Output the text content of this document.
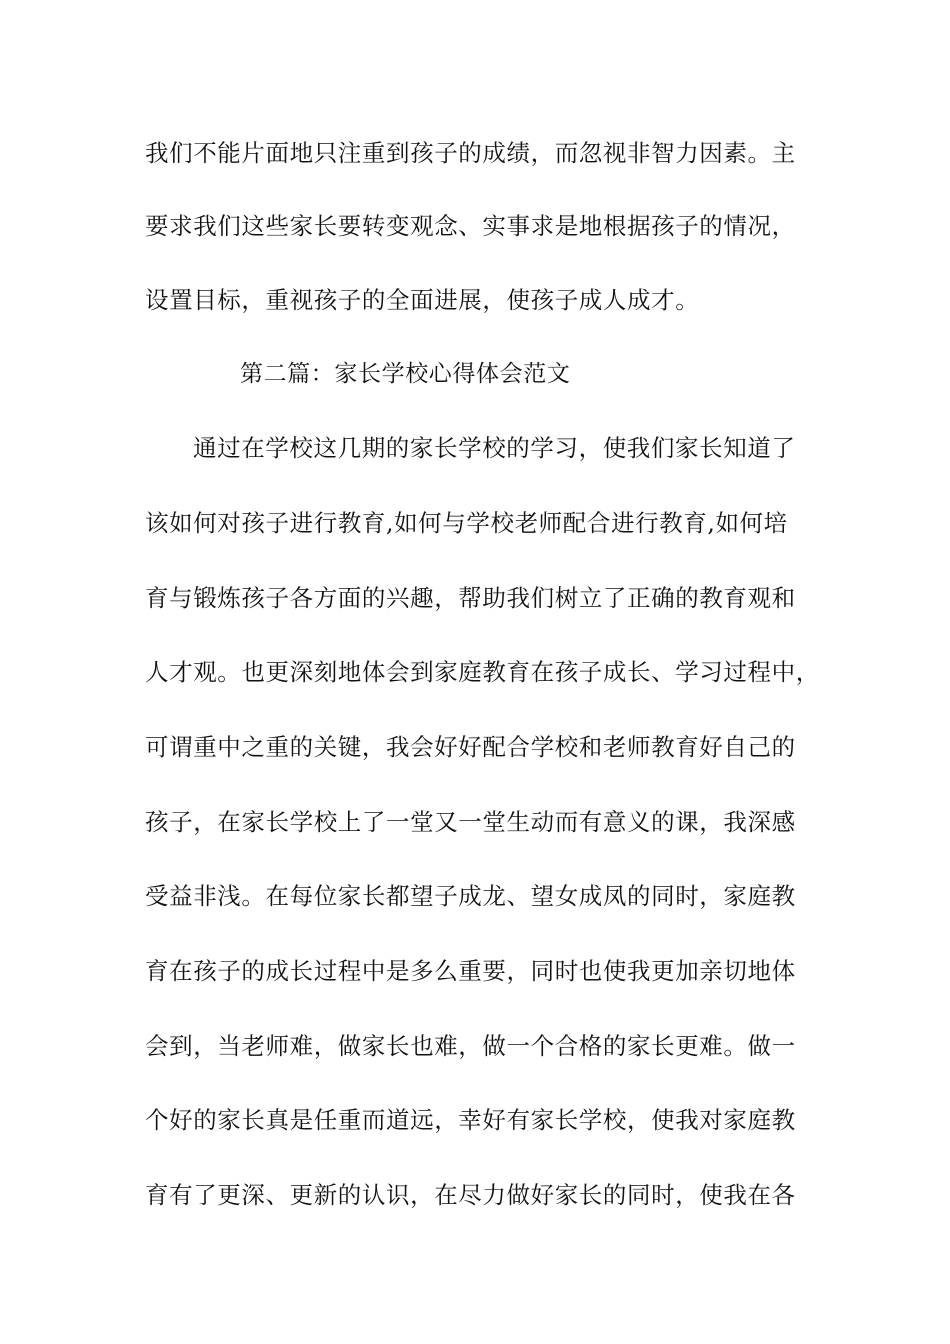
我们不能片面地只注重到孩子的成绩，而忽视非智力因素。主
要求我们这些家长要转变观念、实事求是地根据孩子的情况，
设置目标，重视孩子的全面进展，使孩子成人成才。
第二篇：家长学校心得体会范文
通过在学校这几期的家长学校的学习，使我们家长知道了
该如何对孩子进行教育,如何与学校老师配合进行教育,如何培
育与锻炼孩子各方面的兴趣，帮助我们树立了正确的教育观和
人才观。也更深刻地体会到家庭教育在孩子成长、学习过程中，
可谓重中之重的关键，我会好好配合学校和老师教育好自己的
孩子，在家长学校上了一堂又一堂生动而有意义的课，我深感
受益非浅。在每位家长都望子成龙、望女成凤的同时，家庭教
育在孩子的成长过程中是多么重要，同时也使我更加亲切地体
会到，当老师难，做家长也难，做一个合格的家长更难。做一
个好的家长真是任重而道远，幸好有家长学校，使我对家庭教
育有了更深、更新的认识，在尽力做好家长的同时，使我在各
